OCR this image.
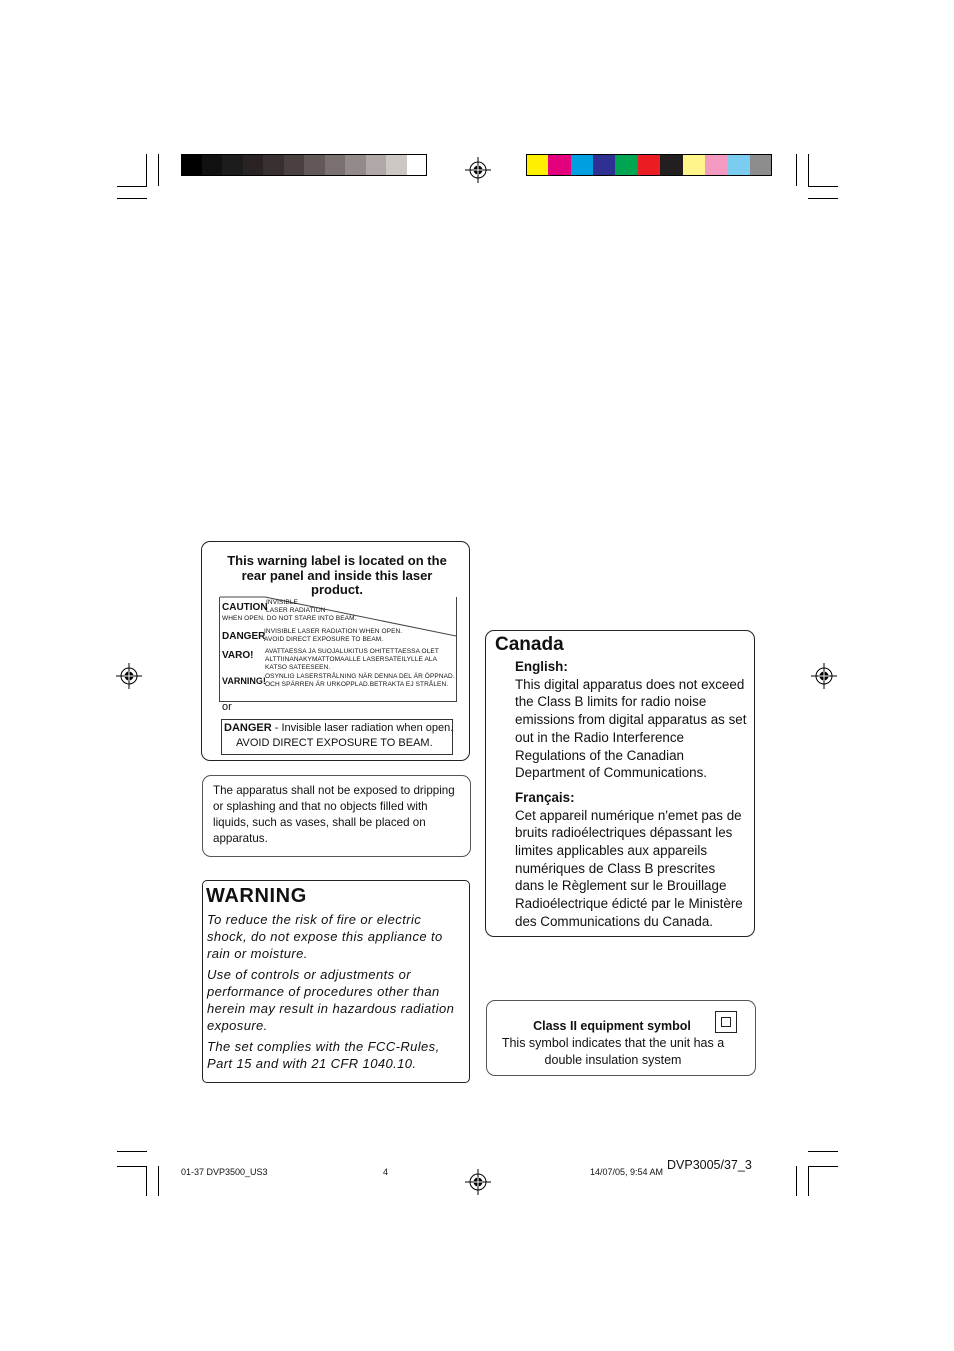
This warning label is located on the rear panel and inside this laser product.
CAUTION
INVISIBLE
LASER RADIATION
WHEN OPEN. DO NOT STARE INTO BEAM.
DANGER
INVISIBLE LASER RADIATION WHEN OPEN.
AVOID DIRECT EXPOSURE TO BEAM.
VARO! AVATTAESSA JA SUOJALUKITUS OHITETTAESSA OLET
ALTTIINANAKYMATTOMAALLE LASERSATEILYLLE ALA
KATSO SATEESEEN.
VARNING! OSYNLIG LASERSTRÅLNING NÄR DENNA DEL ÄR ÖPPNAD.
OCH SPÄRREN ÄR URKOPPLAD.BETRAKTA EJ STRÅLEN.
or
DANGER - Invisible laser radiation when open.
AVOID DIRECT EXPOSURE TO BEAM.
The apparatus shall not be exposed to dripping or splashing and that no objects filled with liquids, such as vases, shall be placed on apparatus.
WARNING

To reduce the risk of fire or electric shock, do not expose this appliance to rain or moisture.

Use of controls or adjustments or performance of procedures other than herein may result in hazardous radiation exposure.

The set complies with the FCC-Rules, Part 15 and with 21 CFR 1040.10.

Canada

English:

This digital apparatus does not exceed the Class B limits for radio noise emissions from digital apparatus as set out in the Radio Interference Regulations of the Canadian Department of Communications.

Français:

Cet appareil numérique n'emet pas de bruits radioélectriques dépassant les limites applicables aux appareils numériques de Class B prescrites dans le Règlement sur le Brouillage Radioélectrique édicté par le Ministère des Communications du Canada.

Class II equipment symbol
This symbol indicates that the unit has a double insulation system
DVP3005/37_3
01-37 DVP3500_US3	4	14/07/05, 9:54 AM
